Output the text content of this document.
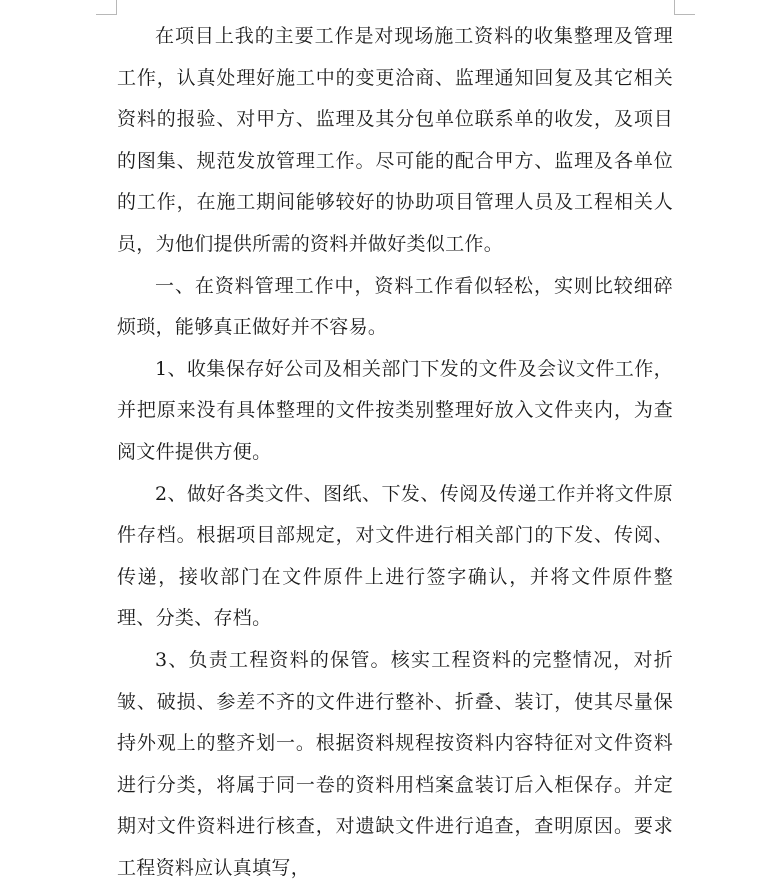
在项目上我的主要工作是对现场施工资料的收集整理及管理工作，认真处理好施工中的变更洽商、监理通知回复及其它相关资料的报验、对甲方、监理及其分包单位联系单的收发，及项目的图集、规范发放管理工作。尽可能的配合甲方、监理及各单位的工作，在施工期间能够较好的协助项目管理人员及工程相关人员，为他们提供所需的资料并做好类似工作。

一、在资料管理工作中，资料工作看似轻松，实则比较细碎烦琐，能够真正做好并不容易。

1、收集保存好公司及相关部门下发的文件及会议文件工作，并把原来没有具体整理的文件按类别整理好放入文件夹内，为查阅文件提供方便。

2、做好各类文件、图纸、下发、传阅及传递工作并将文件原件存档。根据项目部规定，对文件进行相关部门的下发、传阅、传递，接收部门在文件原件上进行签字确认，并将文件原件整理、分类、存档。

3、负责工程资料的保管。核实工程资料的完整情况，对折皱、破损、参差不齐的文件进行整补、折叠、装订，使其尽量保持外观上的整齐划一。根据资料规程按资料内容特征对文件资料进行分类，将属于同一卷的资料用档案盒装订后入柜保存。并定期对文件资料进行核查，对遗缺文件进行追查，查明原因。要求工程资料应认真填写，
